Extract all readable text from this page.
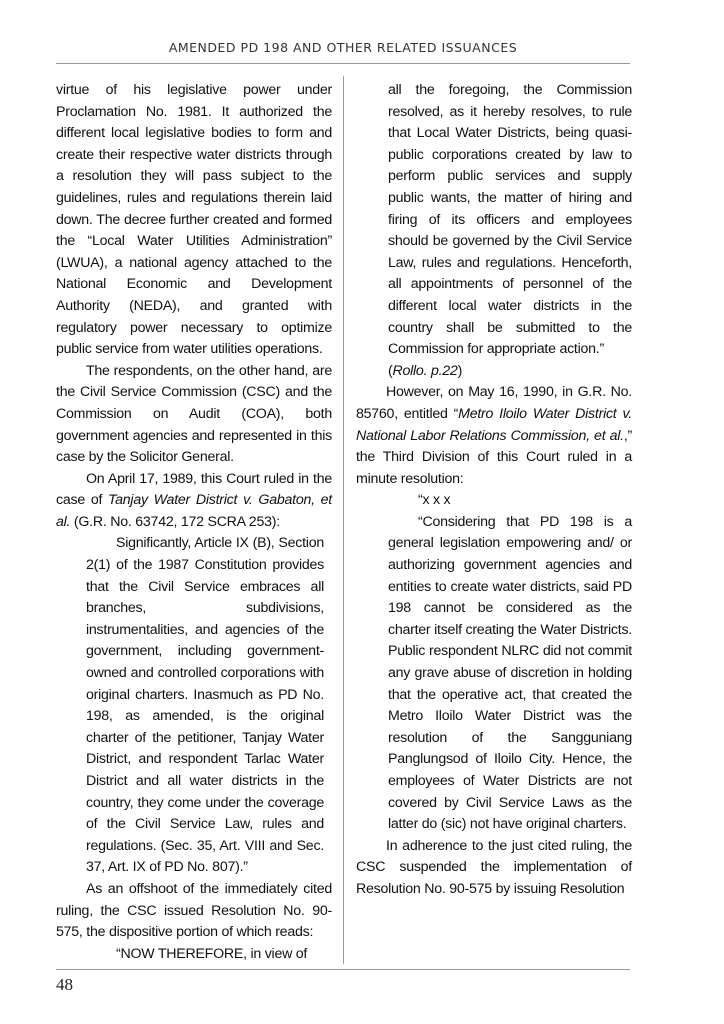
AMENDED PD 198 AND OTHER RELATED ISSUANCES

virtue of his legislative power under Proclamation No. 1981. It authorized the different local legislative bodies to form and create their respective water districts through a resolution they will pass subject to the guidelines, rules and regulations therein laid down. The decree further created and formed the “Local Water Utilities Administration” (LWUA), a national agency attached to the National Economic and Development Authority (NEDA), and granted with regulatory power necessary to optimize public service from water utilities operations.

The respondents, on the other hand, are the Civil Service Commission (CSC) and the Commission on Audit (COA), both government agencies and represented in this case by the Solicitor General.

On April 17, 1989, this Court ruled in the case of Tanjay Water District v. Gabaton, et al. (G.R. No. 63742, 172 SCRA 253):

Significantly, Article IX (B), Section 2(1) of the 1987 Constitution provides that the Civil Service embraces all branches, subdivisions, instrumentalities, and agencies of the government, including government-owned and controlled corporations with original charters. Inasmuch as PD No. 198, as amended, is the original charter of the petitioner, Tanjay Water District, and respondent Tarlac Water District and all water districts in the country, they come under the coverage of the Civil Service Law, rules and regulations. (Sec. 35, Art. VIII and Sec. 37, Art. IX of PD No. 807).”

As an offshoot of the immediately cited ruling, the CSC issued Resolution No. 90-575, the dispositive portion of which reads:

“NOW THEREFORE, in view of

all the foregoing, the Commission resolved, as it hereby resolves, to rule that Local Water Districts, being quasi-public corporations created by law to perform public services and supply public wants, the matter of hiring and firing of its officers and employees should be governed by the Civil Service Law, rules and regulations. Henceforth, all appointments of personnel of the different local water districts in the country shall be submitted to the Commission for appropriate action.”
(Rollo. p.22)

However, on May 16, 1990, in G.R. No. 85760, entitled “Metro Iloilo Water District v. National Labor Relations Commission, et al.,” the Third Division of this Court ruled in a minute resolution:

“x x x

“Considering that PD 198 is a general legislation empowering and/ or authorizing government agencies and entities to create water districts, said PD 198 cannot be considered as the charter itself creating the Water Districts. Public respondent NLRC did not commit any grave abuse of discretion in holding that the operative act, that created the Metro Iloilo Water District was the resolution of the Sangguniang Panglungsod of Iloilo City. Hence, the employees of Water Districts are not covered by Civil Service Laws as the latter do (sic) not have original charters.

In adherence to the just cited ruling, the CSC suspended the implementation of Resolution No. 90-575 by issuing Resolution

48
